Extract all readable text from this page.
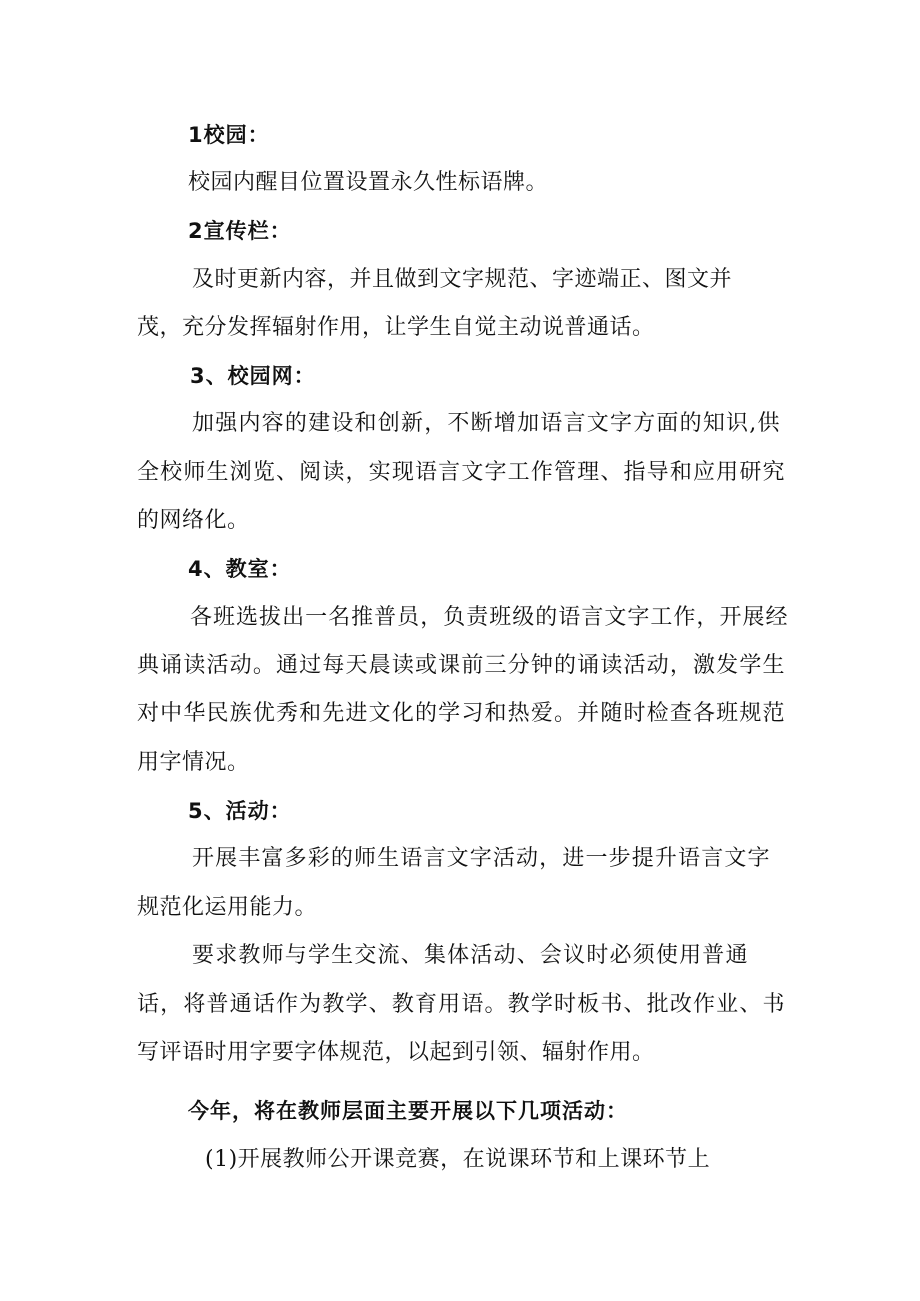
1校园：
校园内醒目位置设置永久性标语牌。
2宣传栏：
及时更新内容，并且做到文字规范、字迹端正、图文并
茂，充分发挥辐射作用，让学生自觉主动说普通话。
3、校园网：
加强内容的建设和创新，不断增加语言文字方面的知识,供
全校师生浏览、阅读，实现语言文字工作管理、指导和应用研究
的网络化。
4、教室：
各班选拔出一名推普员，负责班级的语言文字工作，开展经
典诵读活动。通过每天晨读或课前三分钟的诵读活动，激发学生
对中华民族优秀和先进文化的学习和热爱。并随时检查各班规范
用字情况。
5、活动：
开展丰富多彩的师生语言文字活动，进一步提升语言文字
规范化运用能力。
要求教师与学生交流、集体活动、会议时必须使用普通
话，将普通话作为教学、教育用语。教学时板书、批改作业、书
写评语时用字要字体规范，以起到引领、辐射作用。
今年，将在教师层面主要开展以下几项活动：
(1)开展教师公开课竞赛，在说课环节和上课环节上
